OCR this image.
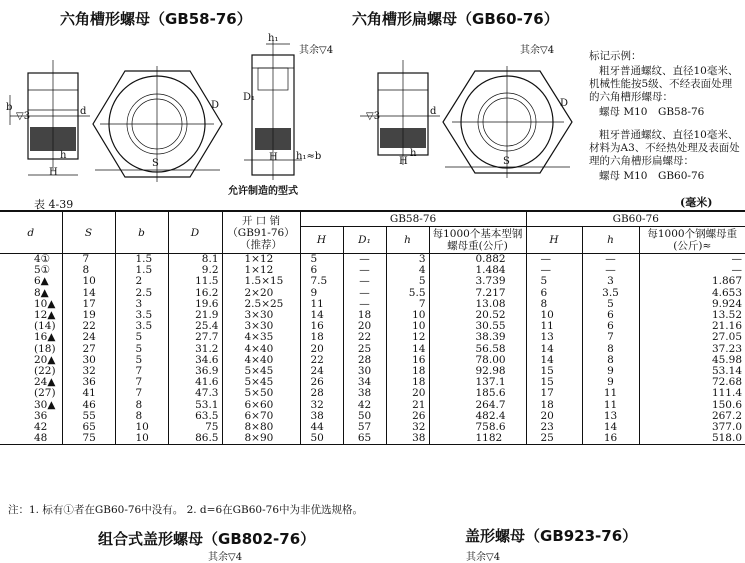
六角槽形螺母（GB58-76）	六角槽形扁螺母（GB60-76）
其余▽4	其余▽4
h₁
h₁≈b
允许制造的型式
S	S
H
H	H
D	D
D₁
d	d
h	h
b
▽3	▽3
标记示例：
粗牙普通螺纹、直径10毫米、机械性能按5级、不经表面处理的六角槽形螺母：
螺母 M10　GB58-76
粗牙普通螺纹、直径10毫米、材料为A3、不经热处理及表面处理的六角槽形扁螺母：
螺母 M10　GB60-76
表 4-39	(毫米)
d	S	b	D	开 口 销（GB91-76）（推荐）	GB58-76				GB60-76		
					H	D₁	h	每1000个基本型钢螺母重(公斤)	H	h	每1000个钢螺母重(公斤)≈
4①	7	1.5	8.1	1×12	5	—	3	0.882	—	—	—
5①	8	1.5	9.2	1×12	6	—	4	1.484	—	—	—
6▲	10	2	11.5	1.5×15	7.5	—	5	3.739	5	3	1.867
8▲	14	2.5	16.2	2×20	9	—	5.5	7.217	6	3.5	4.653
10▲	17	3	19.6	2.5×25	11	—	7	13.08	8	5	9.924
12▲	19	3.5	21.9	3×30	14	18	10	20.52	10	6	13.52
(14)	22	3.5	25.4	3×30	16	20	10	30.55	11	6	21.16
16▲	24	5	27.7	4×35	18	22	12	38.39	13	7	27.05
(18)	27	5	31.2	4×40	20	25	14	56.58	14	8	37.23
20▲	30	5	34.6	4×40	22	28	16	78.00	14	8	45.98
(22)	32	7	36.9	5×45	24	30	18	92.98	15	9	53.14
24▲	36	7	41.6	5×45	26	34	18	137.1	15	9	72.68
(27)	41	7	47.3	5×50	28	38	20	185.6	17	11	111.4
30▲	46	8	53.1	6×60	32	42	21	264.7	18	11	150.6
36	55	8	63.5	6×70	38	50	26	482.4	20	13	267.2
42	65	10	75	8×80	44	57	32	758.6	23	14	377.0
48	75	10	86.5	8×90	50	65	38	1182	25	16	518.0
注：1. 标有①者在GB60-76中没有。 2. d=6在GB60-76中为非优选规格。
组合式盖形螺母（GB802-76）	盖形螺母（GB923-76）
其余▽4	其余▽4
